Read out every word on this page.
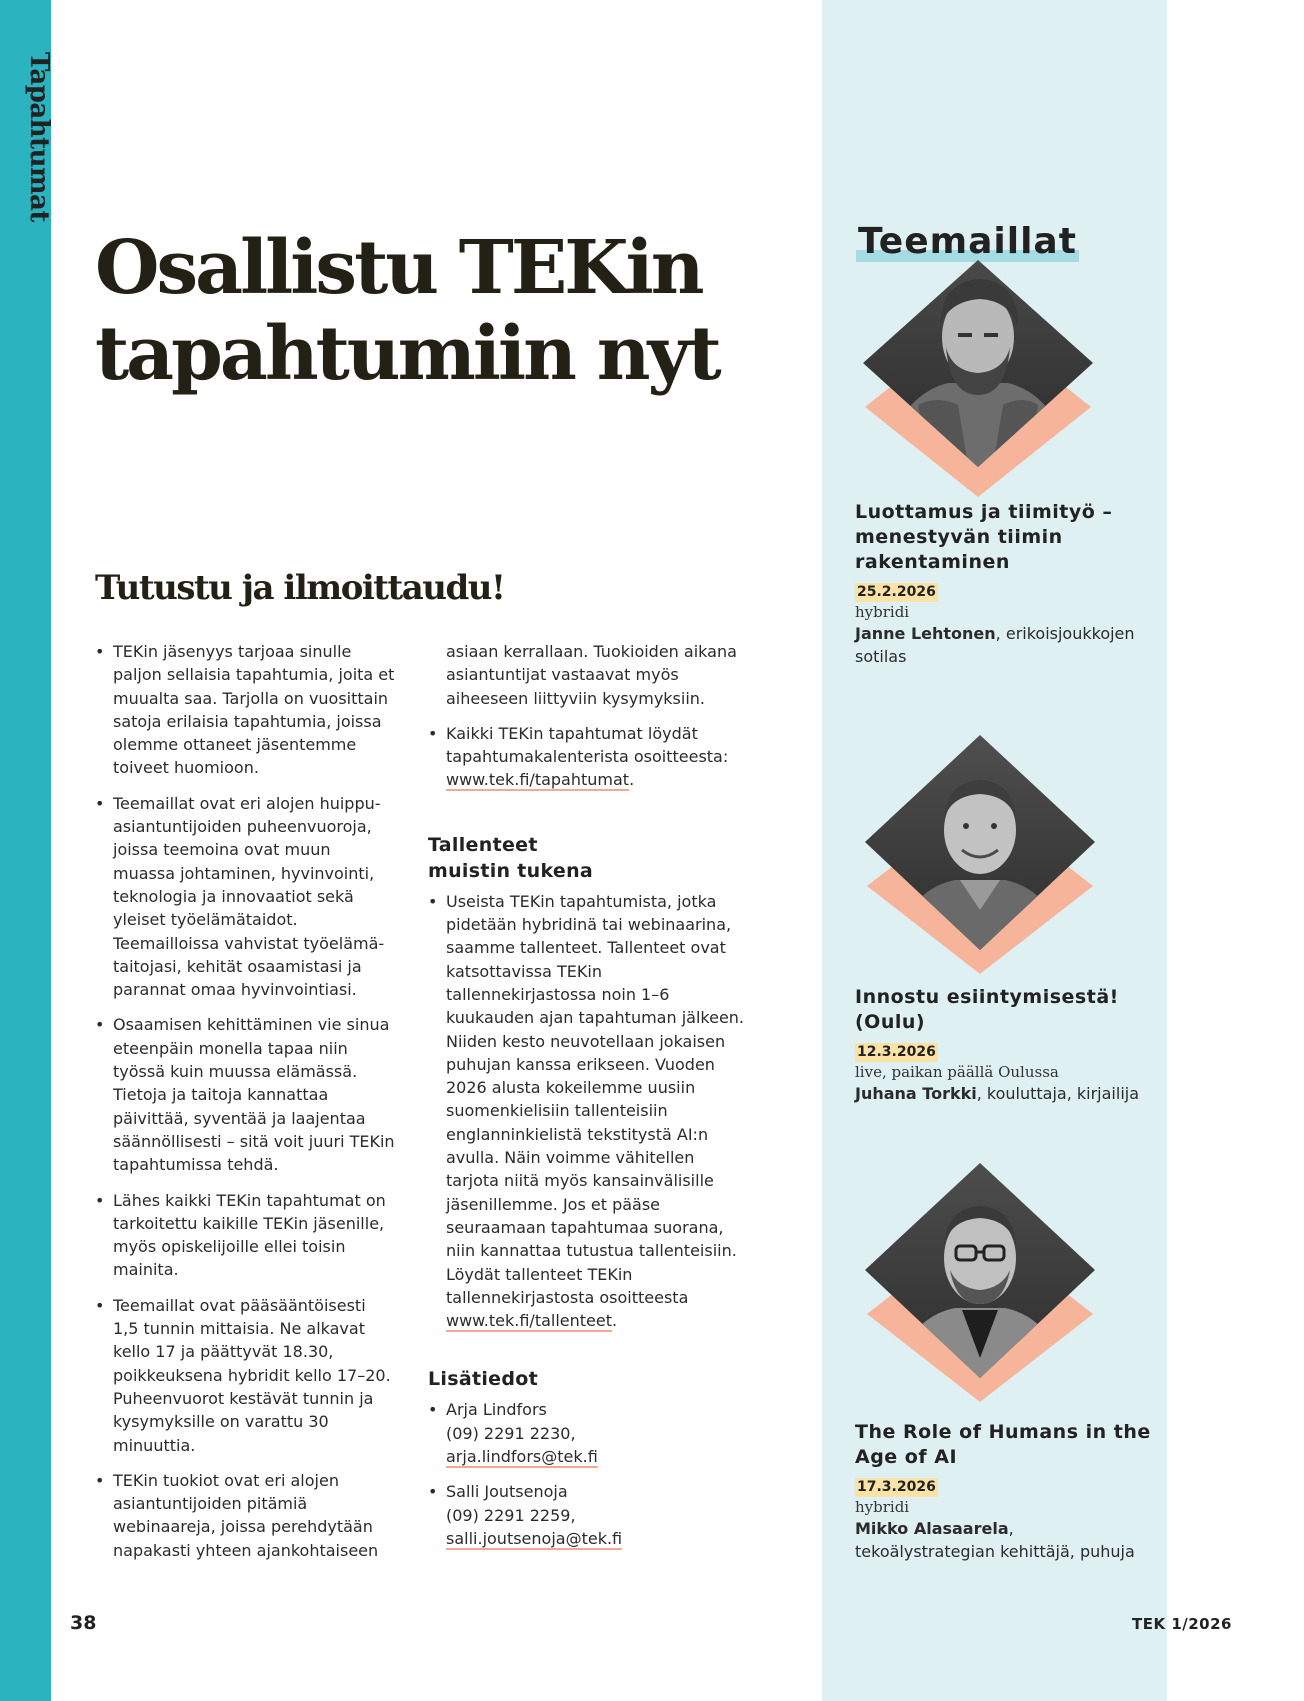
Tapahtumat
Osallistu TEKin tapahtumiin nyt
Tutustu ja ilmoittaudu!
• TEKin jäsenyys tarjoaa sinulle paljon sellaisia tapahtumia, joita et muualta saa. Tarjolla on vuosittain satoja erilaisia tapahtumia, joissa olemme ottaneet jäsentemme toiveet huomioon.
• Teemaillat ovat eri alojen huippu-asiantuntijoiden puheenvuoroja, joissa teemoina ovat muun muassa johtaminen, hyvinvointi, teknologia ja innovaatiot sekä yleiset työelämätaidot. Teemailloissa vahvistat työelämä-taitojasi, kehität osaamistasi ja parannat omaa hyvinvointiasi.
• Osaamisen kehittäminen vie sinua eteenpäin monella tapaa niin työssä kuin muussa elämässä. Tietoja ja taitoja kannattaa päivittää, syventää ja laajentaa säännöllisesti – sitä voit juuri TEKin tapahtumissa tehdä.
• Lähes kaikki TEKin tapahtumat on tarkoitettu kaikille TEKin jäsenille, myös opiskelijoille ellei toisin mainita.
• Teemaillat ovat pääsääntöisesti 1,5 tunnin mittaisia. Ne alkavat kello 17 ja päättyvät 18.30, poikkeuksena hybridit kello 17–20. Puheenvuorot kestävät tunnin ja kysymyksille on varattu 30 minuuttia.
• TEKin tuokiot ovat eri alojen asiantuntijoiden pitämiä webinaareja, joissa perehdytään napakasti yhteen ajankohtaiseen
asiaan kerrallaan. Tuokioiden aikana asiantuntijat vastaavat myös aiheeseen liittyviin kysymyksiin.
• Kaikki TEKin tapahtumat löydät tapahtumakalenterista osoitteesta: www.tek.fi/tapahtumat.
Tallenteet
muistin tukena
• Useista TEKin tapahtumista, jotka pidetään hybridinä tai webinaarina, saamme tallenteet. Tallenteet ovat katsottavissa TEKin tallennekirjastossa noin 1–6 kuukauden ajan tapahtuman jälkeen. Niiden kesto neuvotellaan jokaisen puhujan kanssa erikseen. Vuoden 2026 alusta kokeilemme uusiin suomenkielisiin tallenteisiin englanninkielistä tekstitystä AI:n avulla. Näin voimme vähitellen tarjota niitä myös kansainvälisille jäsenillemme. Jos et pääse seuraamaan tapahtumaa suorana, niin kannattaa tutustua tallenteisiin. Löydät tallenteet TEKin tallennekirjastosta osoitteesta www.tek.fi/tallenteet.
Lisätiedot
• Arja Lindfors
(09) 2291 2230,
arja.lindfors@tek.fi
• Salli Joutsenoja
(09) 2291 2259,
salli.joutsenoja@tek.fi
Teemaillat
Luottamus ja tiimityö – menestyvän tiimin rakentaminen
25.2.2026
hybridi
Janne Lehtonen, erikoisjoukkojen sotilas
Innostu esiintymisestä! (Oulu)
12.3.2026
live, paikan päällä Oulussa
Juhana Torkki, kouluttaja, kirjailija
The Role of Humans in the Age of AI
17.3.2026
hybridi
Mikko Alasaarela, tekoälystrategian kehittäjä, puhuja
38	TEK 1/2026
